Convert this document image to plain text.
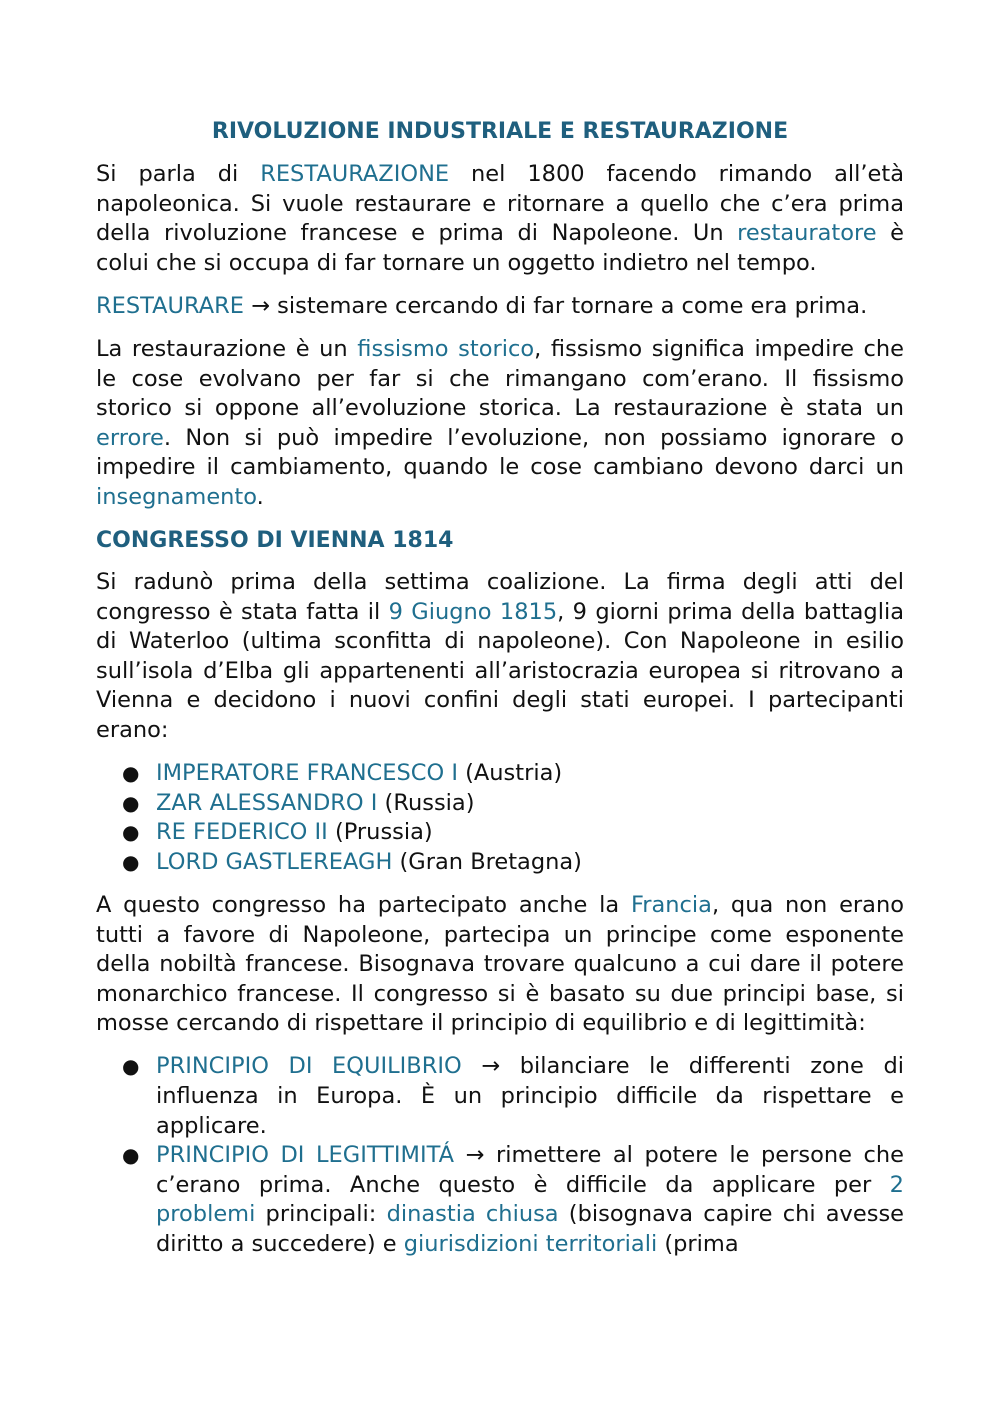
RIVOLUZIONE INDUSTRIALE E RESTAURAZIONE

Si parla di RESTAURAZIONE nel 1800 facendo rimando all’età napoleonica. Si vuole restaurare e ritornare a quello che c’era prima della rivoluzione francese e prima di Napoleone. Un restauratore è colui che si occupa di far tornare un oggetto indietro nel tempo.

RESTAURARE → sistemare cercando di far tornare a come era prima.

La restaurazione è un fissismo storico, fissismo significa impedire che le cose evolvano per far si che rimangano com’erano. Il fissismo storico si oppone all’evoluzione storica. La restaurazione è stata un errore. Non si può impedire l’evoluzione, non possiamo ignorare o impedire il cambiamento, quando le cose cambiano devono darci un insegnamento.

CONGRESSO DI VIENNA 1814

Si radunò prima della settima coalizione. La firma degli atti del congresso è stata fatta il 9 Giugno 1815, 9 giorni prima della battaglia di Waterloo (ultima sconfitta di napoleone). Con Napoleone in esilio sull’isola d’Elba gli appartenenti all’aristocrazia europea si ritrovano a Vienna e decidono i nuovi confini degli stati europei. I partecipanti erano:

● IMPERATORE FRANCESCO I (Austria)
● ZAR ALESSANDRO I (Russia)
● RE FEDERICO II (Prussia)
● LORD GASTLEREAGH (Gran Bretagna)

A questo congresso ha partecipato anche la Francia, qua non erano tutti a favore di Napoleone, partecipa un principe come esponente della nobiltà francese. Bisognava trovare qualcuno a cui dare il potere monarchico francese. Il congresso si è basato su due principi base, si mosse cercando di rispettare il principio di equilibrio e di legittimità:

● PRINCIPIO DI EQUILIBRIO → bilanciare le differenti zone di influenza in Europa. È un principio difficile da rispettare e applicare.
● PRINCIPIO DI LEGITTIMITÁ → rimettere al potere le persone che c’erano prima. Anche questo è difficile da applicare per 2 problemi principali: dinastia chiusa (bisognava capire chi avesse diritto a succedere) e giurisdizioni territoriali (prima
